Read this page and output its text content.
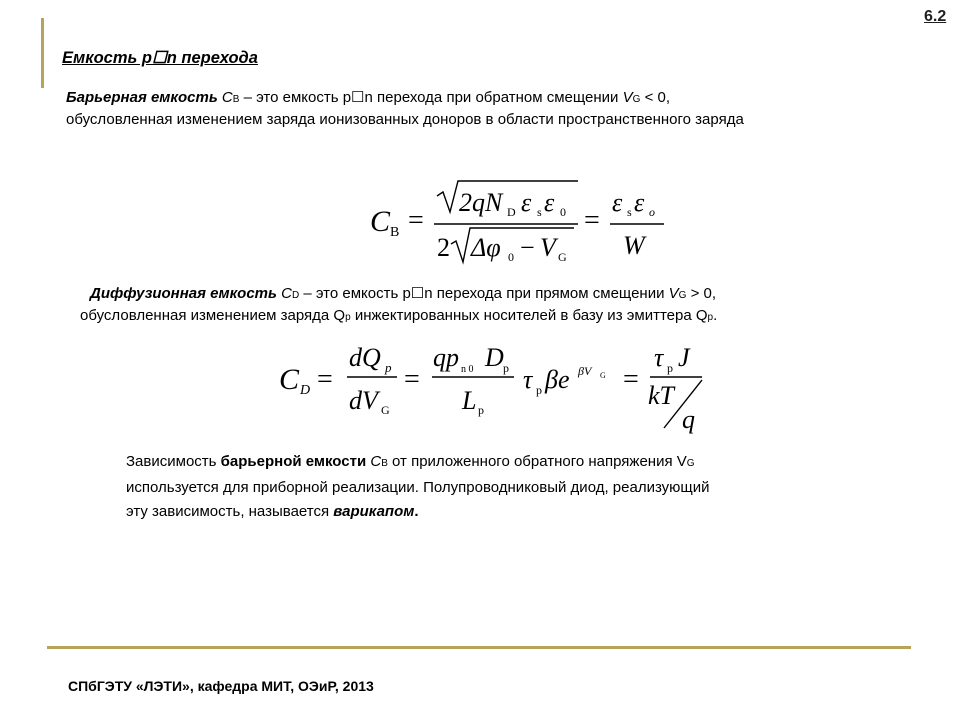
6.2
Емкость p☐n перехода
Барьерная емкость CB – это емкость p☐n перехода при обратном смещении VG < 0,
обусловленная изменением заряда ионизованных доноров в области пространственного заряда
C B =
2qN D ε s ε 0
2 Δφ 0 − V G
=
ε s ε o
W
Диффузионная емкость CD – это емкость p☐n перехода при прямом смещении VG > 0,
обусловленная изменением заряда Qp инжектированных носителей в базу из эмиттера Qp.
C D =
dQ p
dV G
=
qp n 0 D p
L p
τ p βe βV G =
τ p J
kT
q
Зависимость барьерной емкости CB от приложенного обратного напряжения VG
используется для приборной реализации. Полупроводниковый диод, реализующий
эту зависимость, называется варикапом.
СПбГЭТУ «ЛЭТИ», кафедра МИТ, ОЭиР, 2013
